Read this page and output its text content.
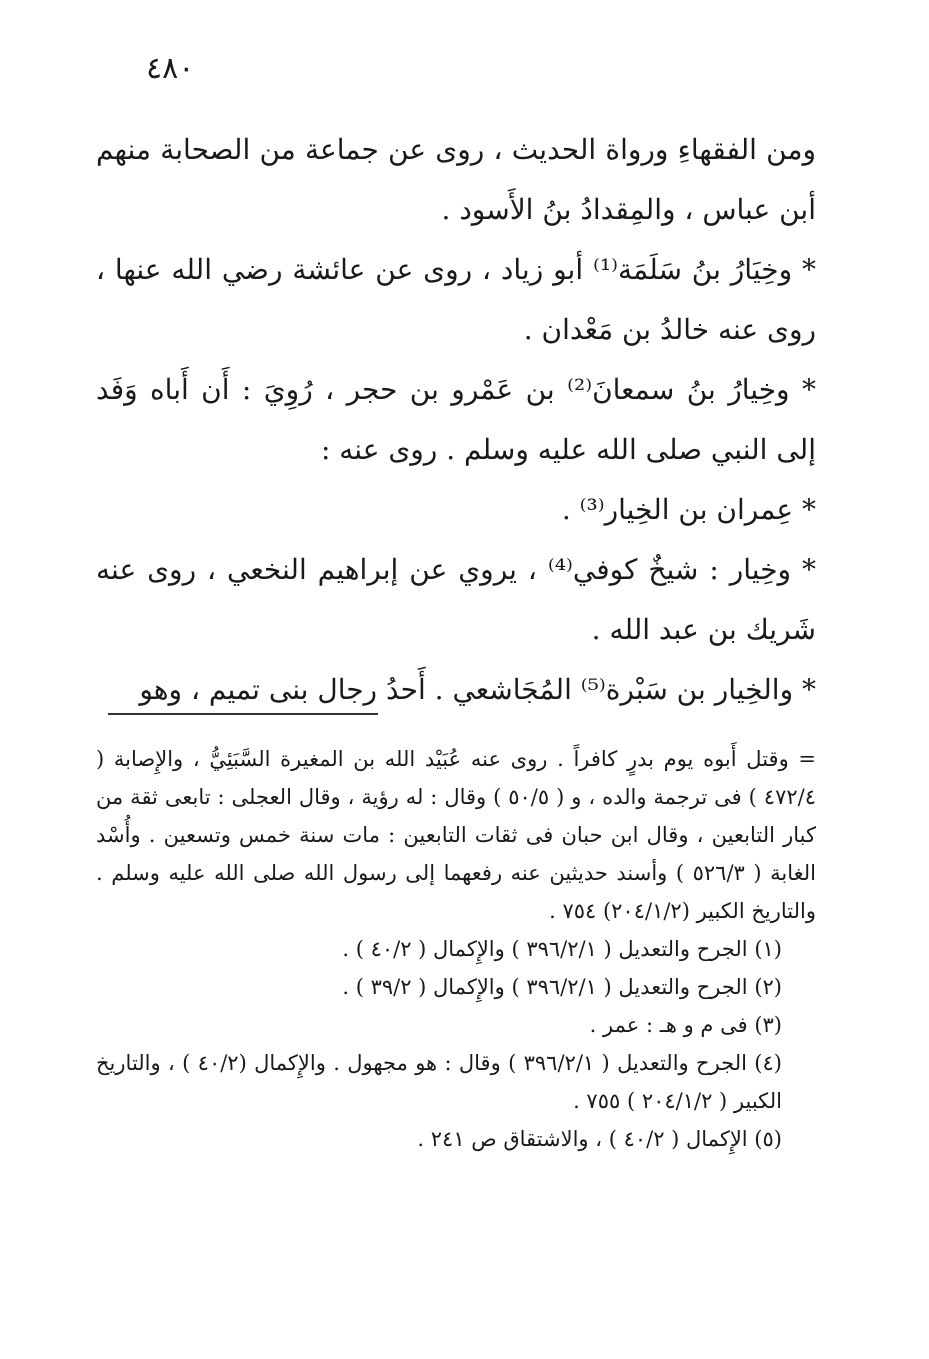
٤٨٠

ومن الفقهاءِ ورواة الحديث ، روى عن جماعة من الصحابة منهم أبن عباس ، والمِقدادُ بنُ الأَسود .

* وخِيَارُ بنُ سَلَمَة⁽¹⁾ أبو زياد ، روى عن عائشة رضي الله عنها ، روى عنه خالدُ بن مَعْدان .

* وخِيارُ بنُ سمعانَ⁽²⁾ بن عَمْرو بن حجر ، رُوِيَ : أَن أَباه وَفَد إلى النبي صلى الله عليه وسلم . روى عنه :

* عِمران بن الخِيار⁽³⁾ .

* وخِيار : شيخٌ كوفي⁽⁴⁾ ، يروي عن إبراهيم النخعي ، روى عنه شَريك بن عبد الله .

* والخِيار بن سَبْرة⁽⁵⁾ المُجَاشعي . أَحدُ رجال بنى تميم ، وهو

= وقتل أَبوه يوم بدرٍ كافراً . روى عنه عُبَيْد الله بن المغيرة السَّبَئِيُّ ، والإِصابة ( ٤٧٢/٤ ) فى ترجمة والده ، و ( ٥٠/٥ ) وقال : له رؤية ، وقال العجلى : تابعى ثقة من كبار التابعين ، وقال ابن حبان فى ثقات التابعين : مات سنة خمس وتسعين . وأُسْد الغابة ( ٥٢٦/٣ ) وأسند حديثين عنه رفعهما إلى رسول الله صلى الله عليه وسلم . والتاريخ الكبير (٢٠٤/١/٢) ٧٥٤ .

(١) الجرح والتعديل ( ٣٩٦/٢/١ ) والإِكمال ( ٤٠/٢ ) .

(٢) الجرح والتعديل ( ٣٩٦/٢/١ ) والإِكمال ( ٣٩/٢ ) .

(٣) فى م و هـ : عمر .

(٤) الجرح والتعديل ( ٣٩٦/٢/١ ) وقال : هو مجهول . والإِكمال (٤٠/٢ ) ، والتاريخ الكبير ( ٢٠٤/١/٢ ) ٧٥٥ .

(٥) الإِكمال ( ٤٠/٢ ) ، والاشتقاق ص ٢٤١ .
